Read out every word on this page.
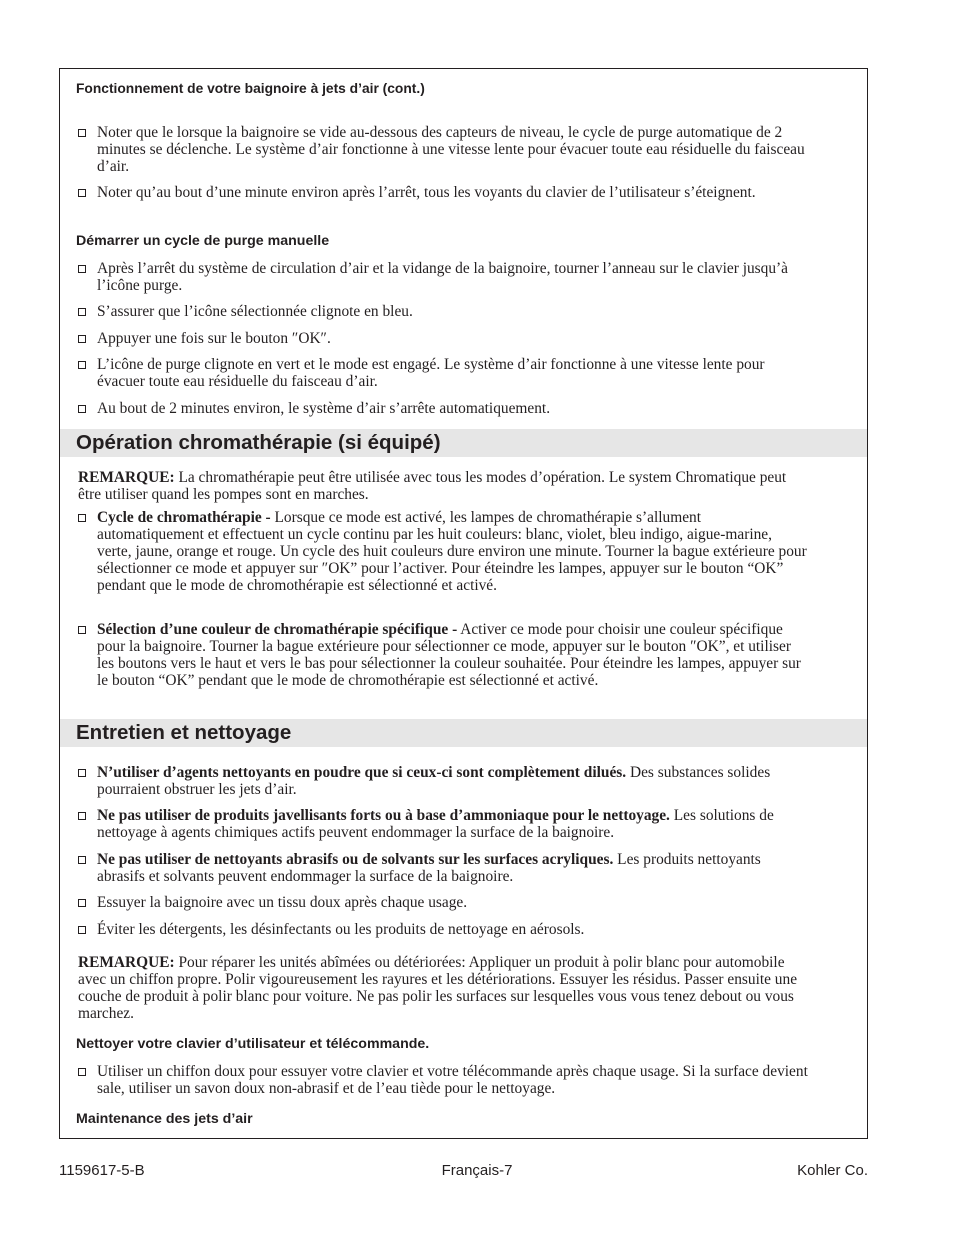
Fonctionnement de votre baignoire à jets d’air (cont.)
Noter que le lorsque la baignoire se vide au-dessous des capteurs de niveau, le cycle de purge automatique de 2 minutes se déclenche. Le système d’air fonctionne à une vitesse lente pour évacuer toute eau résiduelle du faisceau d’air.
Noter qu’au bout d’une minute environ après l’arrêt, tous les voyants du clavier de l’utilisateur s’éteignent.
Démarrer un cycle de purge manuelle
Après l’arrêt du système de circulation d’air et la vidange de la baignoire, tourner l’anneau sur le clavier jusqu’à l’icône purge.
S’assurer que l’icône sélectionnée clignote en bleu.
Appuyer une fois sur le bouton ″OK″.
L’icône de purge clignote en vert et le mode est engagé. Le système d’air fonctionne à une vitesse lente pour évacuer toute eau résiduelle du faisceau d’air.
Au bout de 2 minutes environ, le système d’air s’arrête automatiquement.
Opération chromathérapie (si équipé)
REMARQUE: La chromathérapie peut être utilisée avec tous les modes d’opération. Le system Chromatique peut être utiliser quand les pompes sont en marches.
Cycle de chromathérapie - Lorsque ce mode est activé, les lampes de chromathérapie s’allument automatiquement et effectuent un cycle continu par les huit couleurs: blanc, violet, bleu indigo, aigue-marine, verte, jaune, orange et rouge. Un cycle des huit couleurs dure environ une minute. Tourner la bague extérieure pour sélectionner ce mode et appuyer sur ″OK” pour l’activer. Pour éteindre les lampes, appuyer sur le bouton “OK” pendant que le mode de chromothérapie est sélectionné et activé.
Sélection d’une couleur de chromathérapie spécifique - Activer ce mode pour choisir une couleur spécifique pour la baignoire. Tourner la bague extérieure pour sélectionner ce mode, appuyer sur le bouton ″OK”, et utiliser les boutons vers le haut et vers le bas pour sélectionner la couleur souhaitée. Pour éteindre les lampes, appuyer sur le bouton “OK” pendant que le mode de chromothérapie est sélectionné et activé.
Entretien et nettoyage
N’utiliser d’agents nettoyants en poudre que si ceux-ci sont complètement dilués. Des substances solides pourraient obstruer les jets d’air.
Ne pas utiliser de produits javellisants forts ou à base d’ammoniaque pour le nettoyage. Les solutions de nettoyage à agents chimiques actifs peuvent endommager la surface de la baignoire.
Ne pas utiliser de nettoyants abrasifs ou de solvants sur les surfaces acryliques. Les produits nettoyants abrasifs et solvants peuvent endommager la surface de la baignoire.
Essuyer la baignoire avec un tissu doux après chaque usage.
Éviter les détergents, les désinfectants ou les produits de nettoyage en aérosols.
REMARQUE: Pour réparer les unités abîmées ou détériorées: Appliquer un produit à polir blanc pour automobile avec un chiffon propre. Polir vigoureusement les rayures et les détériorations. Essuyer les résidus. Passer ensuite une couche de produit à polir blanc pour voiture. Ne pas polir les surfaces sur lesquelles vous vous tenez debout ou vous marchez.
Nettoyer votre clavier d’utilisateur et télécommande.
Utiliser un chiffon doux pour essuyer votre clavier et votre télécommande après chaque usage. Si la surface devient sale, utiliser un savon doux non-abrasif et de l’eau tiède pour le nettoyage.
Maintenance des jets d’air
1159617-5-B	Français-7	Kohler Co.
